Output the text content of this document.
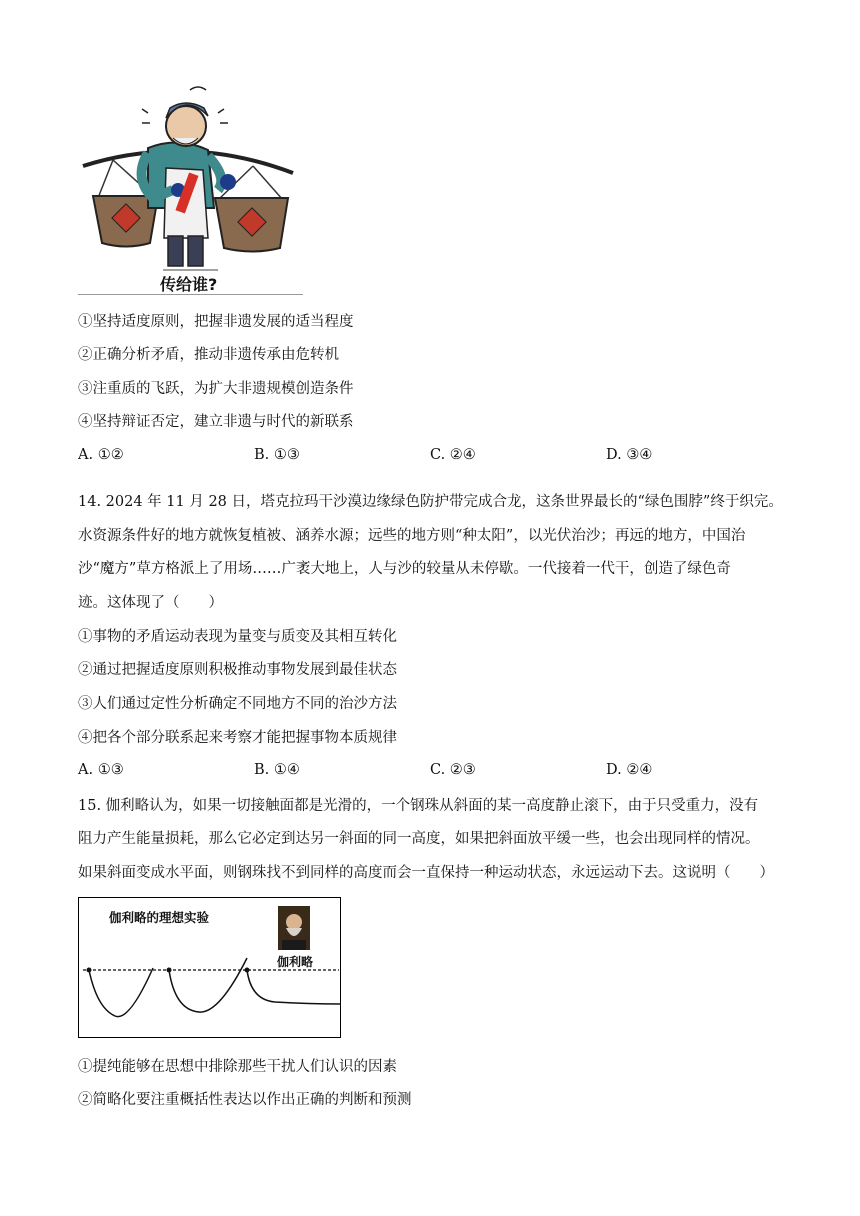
传给谁?
①坚持适度原则，把握非遗发展的适当程度
②正确分析矛盾，推动非遗传承由危转机
③注重质的飞跃，为扩大非遗规模创造条件
④坚持辩证否定，建立非遗与时代的新联系
A. ①②	B. ①③	C. ②④	D. ③④
14. 2024 年 11 月 28 日，塔克拉玛干沙漠边缘绿色防护带完成合龙，这条世界最长的“绿色围脖”终于织完。
水资源条件好的地方就恢复植被、涵养水源；远些的地方则“种太阳”，以光伏治沙；再远的地方，中国治
沙“魔方”草方格派上了用场……广袤大地上，人与沙的较量从未停歇。一代接着一代干，创造了绿色奇
迹。这体现了（　　）
①事物的矛盾运动表现为量变与质变及其相互转化
②通过把握适度原则积极推动事物发展到最佳状态
③人们通过定性分析确定不同地方不同的治沙方法
④把各个部分联系起来考察才能把握事物本质规律
A. ①③	B. ①④	C. ②③	D. ②④
15. 伽利略认为，如果一切接触面都是光滑的，一个钢珠从斜面的某一高度静止滚下，由于只受重力，没有
阻力产生能量损耗，那么它必定到达另一斜面的同一高度，如果把斜面放平缓一些，也会出现同样的情况。
如果斜面变成水平面，则钢珠找不到同样的高度而会一直保持一种运动状态，永远运动下去。这说明（　　）
伽利略的理想实验
伽利略
①提纯能够在思想中排除那些干扰人们认识的因素
②简略化要注重概括性表达以作出正确的判断和预测
